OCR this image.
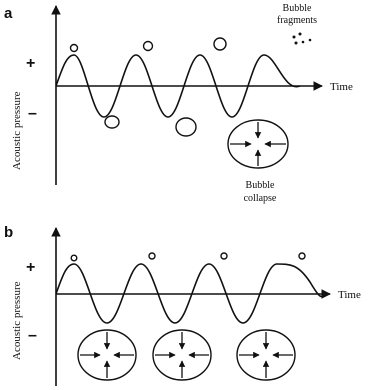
a
Acoustic pressure
+
–
Time
Bubble
fragments
Bubble
collapse
b
Acoustic pressure
+
–
Time
